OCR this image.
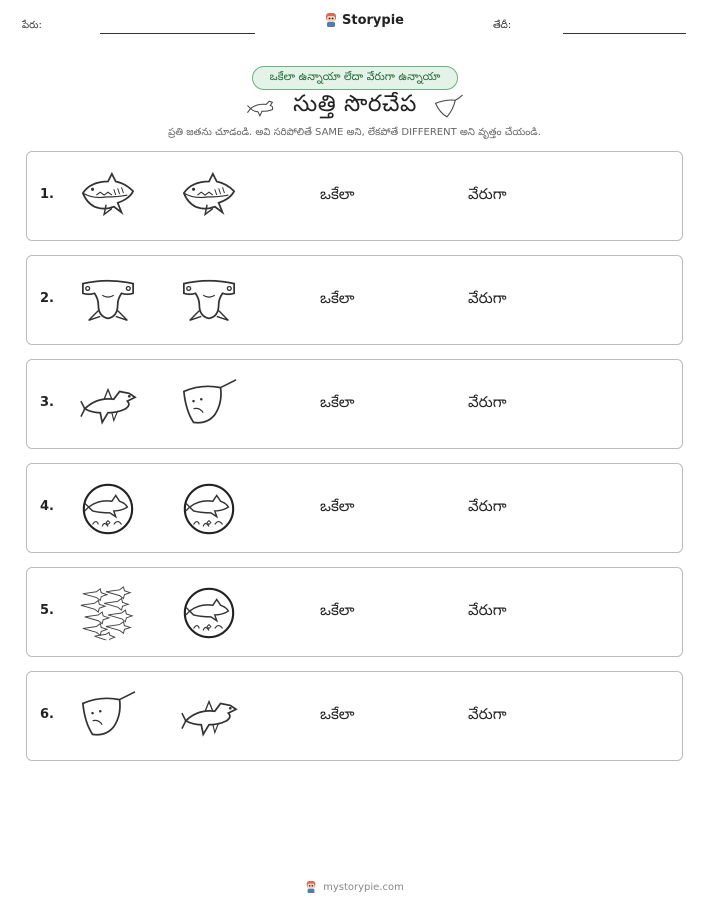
పేరు:	Storypie	తేదీ:
ఒకేలా ఉన్నాయా లేదా వేరుగా ఉన్నాయా
సుత్తి సొరచేప
ప్రతి జతను చూడండి. అవి సరిపోలితే SAME అని, లేకపోతే DIFFERENT అని వృత్తం చేయండి.
1.	ఒకేలా	వేరుగా
2.	ఒకేలా	వేరుగా
3.	ఒకేలా	వేరుగా
4.	ఒకేలా	వేరుగా
5.	ఒకేలా	వేరుగా
6.	ఒకేలా	వేరుగా
mystorypie.com
